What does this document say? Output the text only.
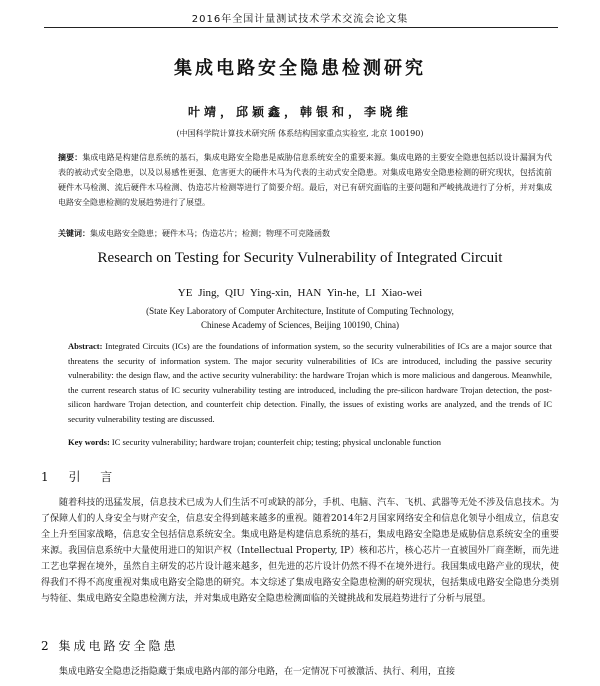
2016年全国计量测试技术学术交流会论文集
集成电路安全隐患检测研究
叶靖，邱颖鑫，韩银和，李晓维
(中国科学院计算技术研究所 体系结构国家重点实验室, 北京 100190)
摘要：集成电路是构建信息系统的基石，集成电路安全隐患是威胁信息系统安全的重要来源。集成电路的主要安全隐患包括以设计漏洞为代表的被动式安全隐患，以及以易感性更强、危害更大的硬件木马为代表的主动式安全隐患。对集成电路安全隐患检测的研究现状，包括流前硬件木马检测、流后硬件木马检测、伪造芯片检测等进行了简要介绍。最后，对已有研究面临的主要问题和严峻挑战进行了分析，并对集成电路安全隐患检测的发展趋势进行了展望。
关键词：集成电路安全隐患；硬件木马；伪造芯片；检测；物理不可克隆函数
Research on Testing for Security Vulnerability of Integrated Circuit
YE Jing, QIU Ying-xin, HAN Yin-he, LI Xiao-wei
(State Key Laboratory of Computer Architecture, Institute of Computing Technology,
Chinese Academy of Sciences, Beijing 100190, China)
Abstract: Integrated Circuits (ICs) are the foundations of information system, so the security vulnerabilities of ICs are a major source that threatens the security of information system. The major security vulnerabilities of ICs are introduced, including the passive security vulnerability: the design flaw, and the active security vulnerability: the hardware Trojan which is more malicious and dangerous. Meanwhile, the current research status of IC security vulnerability testing are introduced, including the pre-silicon hardware Trojan detection, the post-silicon hardware Trojan detection, and counterfeit chip detection. Finally, the issues of existing works are analyzed, and the trends of IC security vulnerability testing are discussed.
Key words: IC security vulnerability; hardware trojan; counterfeit chip; testing; physical unclonable function
1 引 言
随着科技的迅猛发展，信息技术已成为人们生活不可或缺的部分，手机、电脑、汽车、飞机、武器等无处不涉及信息技术。为了保障人们的人身安全与财产安全，信息安全得到越来越多的重视。随着2014年2月国家网络安全和信息化领导小组成立，信息安全上升至国家战略，信息安全包括信息系统安全。集成电路是构建信息系统的基石，集成电路安全隐患是威胁信息系统安全的重要来源。我国信息系统中大量使用进口的知识产权（Intellectual Property, IP）核和芯片，核心芯片一直被国外厂商垄断，而先进工艺也掌握在境外，虽然自主研发的芯片设计越来越多，但先进的芯片设计仍然不得不在境外进行。我国集成电路产业的现状，使得我们不得不高度重视对集成电路安全隐患的研究。本文综述了集成电路安全隐患检测的研究现状，包括集成电路安全隐患分类别与特征、集成电路安全隐患检测方法，并对集成电路安全隐患检测面临的关键挑战和发展趋势进行了分析与展望。
2 集成电路安全隐患
集成电路安全隐患泛指隐藏于集成电路内部的部分电路，在一定情况下可被激活、执行、利用，直接
